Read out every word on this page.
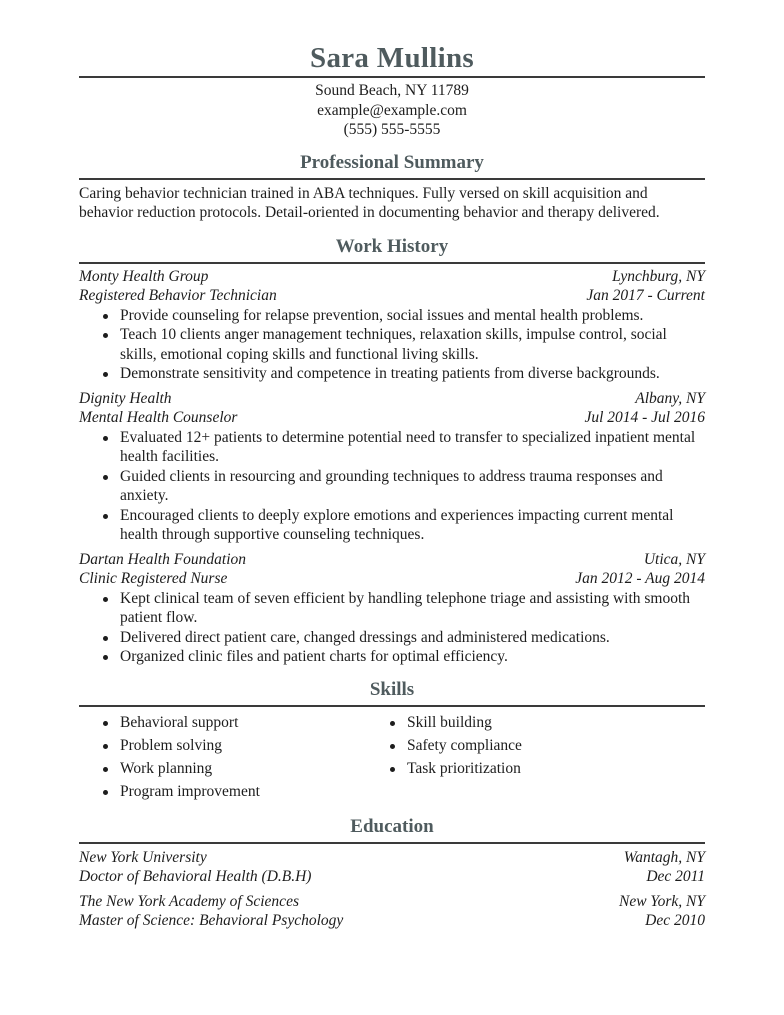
Sara Mullins
Sound Beach, NY 11789
example@example.com
(555) 555-5555
Professional Summary
Caring behavior technician trained in ABA techniques. Fully versed on skill acquisition and behavior reduction protocols. Detail-oriented in documenting behavior and therapy delivered.
Work History
Monty Health Group	Lynchburg, NY
Registered Behavior Technician	Jan 2017 - Current
Provide counseling for relapse prevention, social issues and mental health problems.
Teach 10 clients anger management techniques, relaxation skills, impulse control, social skills, emotional coping skills and functional living skills.
Demonstrate sensitivity and competence in treating patients from diverse backgrounds.
Dignity Health	Albany, NY
Mental Health Counselor	Jul 2014 - Jul 2016
Evaluated 12+ patients to determine potential need to transfer to specialized inpatient mental health facilities.
Guided clients in resourcing and grounding techniques to address trauma responses and anxiety.
Encouraged clients to deeply explore emotions and experiences impacting current mental health through supportive counseling techniques.
Dartan Health Foundation	Utica, NY
Clinic Registered Nurse	Jan 2012 - Aug 2014
Kept clinical team of seven efficient by handling telephone triage and assisting with smooth patient flow.
Delivered direct patient care, changed dressings and administered medications.
Organized clinic files and patient charts for optimal efficiency.
Skills
Behavioral support
Problem solving
Work planning
Program improvement
Skill building
Safety compliance
Task prioritization
Education
New York University	Wantagh, NY
Doctor of Behavioral Health (D.B.H)	Dec 2011
The New York Academy of Sciences	New York, NY
Master of Science: Behavioral Psychology	Dec 2010
